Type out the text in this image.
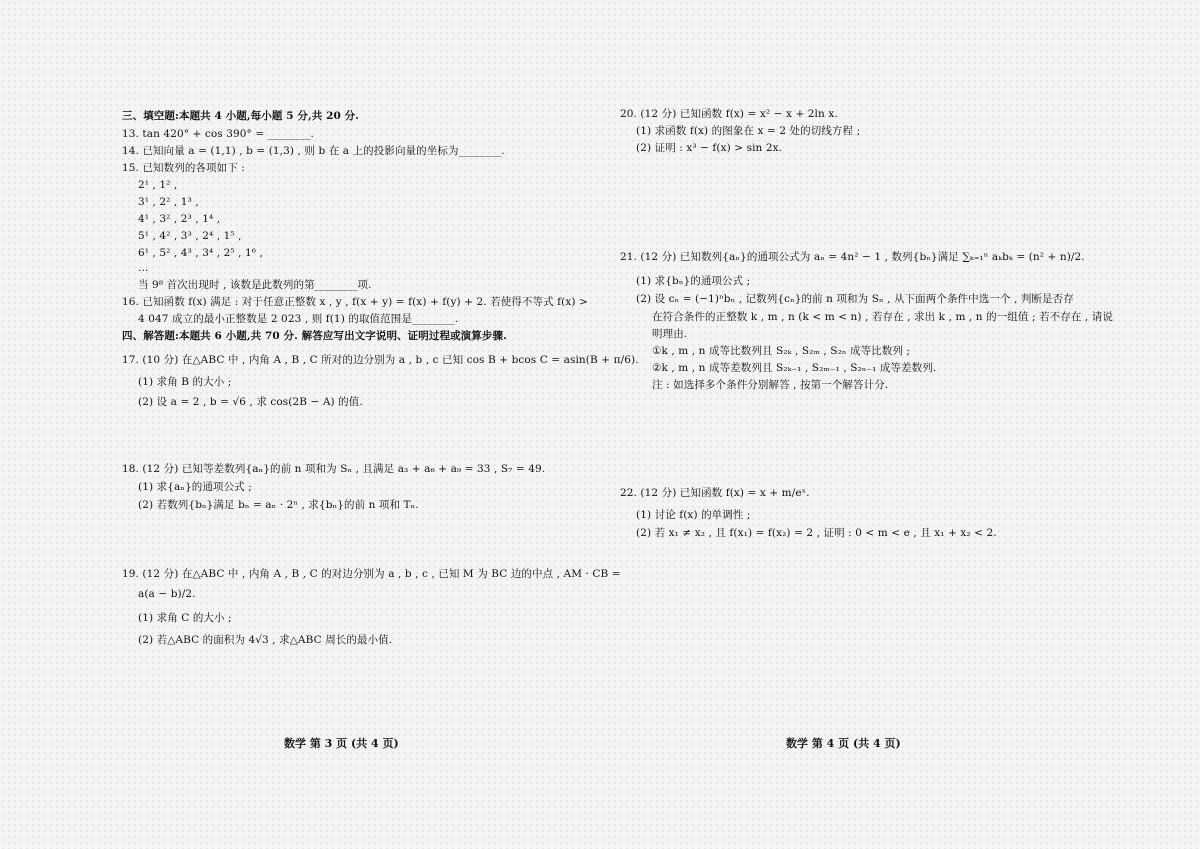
三、填空题:本题共 4 小题,每小题 5 分,共 20 分.
13. tan 420° + cos 390° = ________.
14. 已知向量 a = (1,1) , b = (1,3) , 则 b 在 a 上的投影向量的坐标为________.
15. 已知数列的各项如下 :
2¹ , 1² ,
3¹ , 2² , 1³ ,
4¹ , 3² , 2³ , 1⁴ ,
5¹ , 4² , 3³ , 2⁴ , 1⁵ ,
6¹ , 5² , 4³ , 3⁴ , 2⁵ , 1⁶ ,
…
当 9⁸ 首次出现时 , 该数是此数列的第________项.
16. 已知函数 f(x) 满足 : 对于任意正整数 x , y , f(x + y) = f(x) + f(y) + 2. 若使得不等式 f(x) >
4 047 成立的最小正整数是 2 023 , 则 f(1) 的取值范围是________.
四、解答题:本题共 6 小题,共 70 分. 解答应写出文字说明、证明过程或演算步骤.
17. (10 分) 在△ABC 中 , 内角 A , B , C 所对的边分别为 a , b , c 已知 cos B + bcos C = asin(B + π/6).
(1) 求角 B 的大小 ;
(2) 设 a = 2 , b = √6 , 求 cos(2B − A) 的值.
18. (12 分) 已知等差数列{aₙ}的前 n 项和为 Sₙ , 且满足 a₃ + a₆ + a₉ = 33 , S₇ = 49.
(1) 求{aₙ}的通项公式 ;
(2) 若数列{bₙ}满足 bₙ = aₙ · 2ⁿ , 求{bₙ}的前 n 项和 Tₙ.
19. (12 分) 在△ABC 中 , 内角 A , B , C 的对边分别为 a , b , c , 已知 M 为 BC 边的中点 , AM · CB =
a(a − b)/2.
(1) 求角 C 的大小 ;
(2) 若△ABC 的面积为 4√3 , 求△ABC 周长的最小值.
数学 第 3 页 (共 4 页)
20. (12 分) 已知函数 f(x) = x² − x + 2ln x.
(1) 求函数 f(x) 的图象在 x = 2 处的切线方程 ;
(2) 证明 : x³ − f(x) > sin 2x.
21. (12 分) 已知数列{aₙ}的通项公式为 aₙ = 4n² − 1 , 数列{bₙ}满足 ∑ₖ₌₁ⁿ aₖbₖ = (n² + n)/2.
(1) 求{bₙ}的通项公式 ;
(2) 设 cₙ = (−1)ⁿbₙ , 记数列{cₙ}的前 n 项和为 Sₙ , 从下面两个条件中选一个 , 判断是否存
在符合条件的正整数 k , m , n (k < m < n) , 若存在 , 求出 k , m , n 的一组值 ; 若不存在 , 请说
明理由.
①k , m , n 成等比数列且 S₂ₖ , S₂ₘ , S₂ₙ 成等比数列 ;
②k , m , n 成等差数列且 S₂ₖ₋₁ , S₂ₘ₋₁ , S₂ₙ₋₁ 成等差数列.
注 : 如选择多个条件分别解答 , 按第一个解答计分.
22. (12 分) 已知函数 f(x) = x + m/eˣ.
(1) 讨论 f(x) 的单调性 ;
(2) 若 x₁ ≠ x₂ , 且 f(x₁) = f(x₂) = 2 , 证明 : 0 < m < e , 且 x₁ + x₂ < 2.
数学 第 4 页 (共 4 页)
